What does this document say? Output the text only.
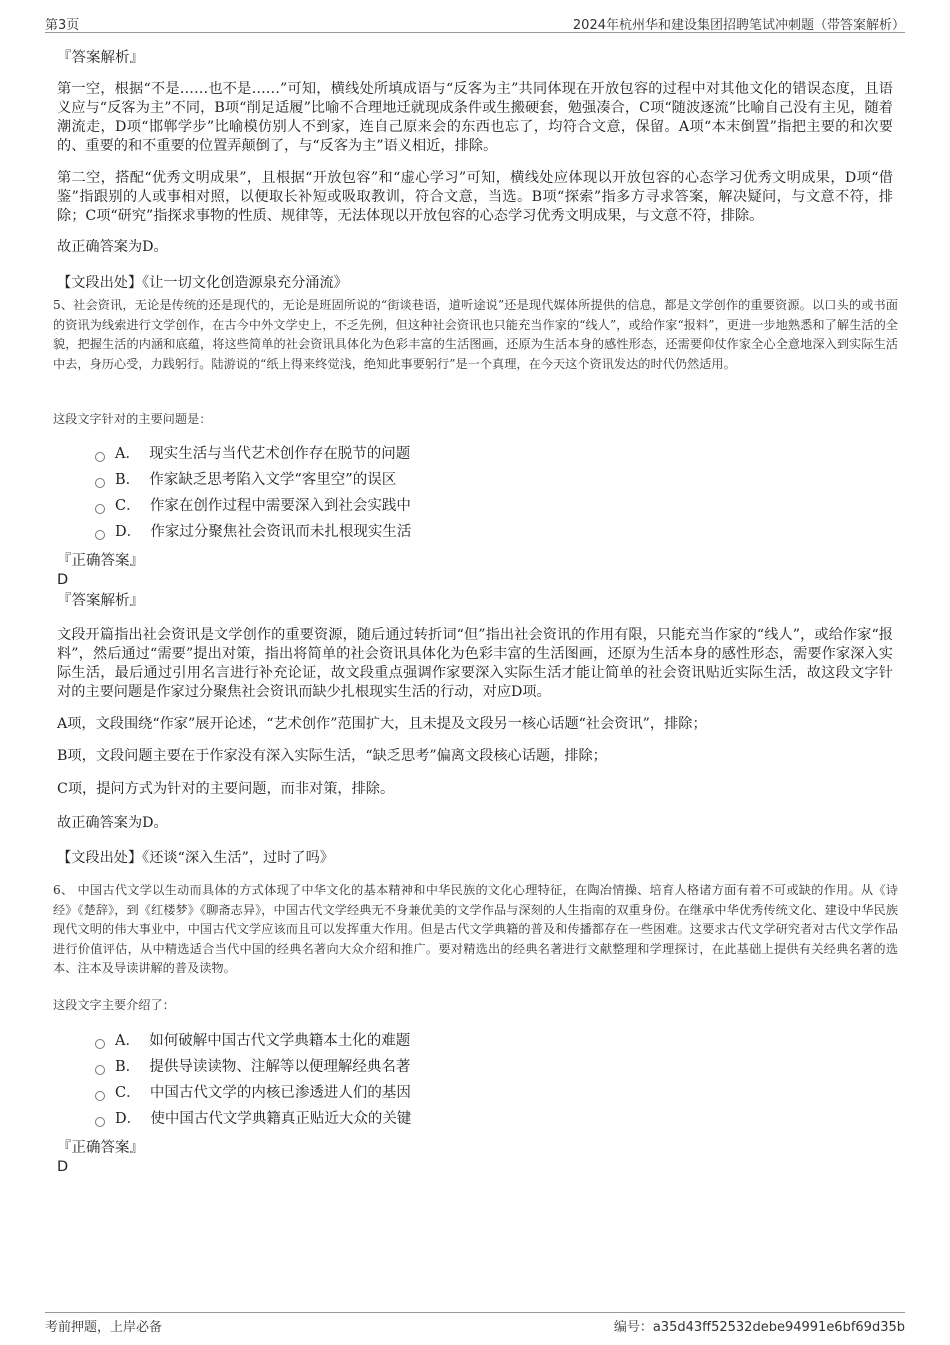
第3页	2024年杭州华和建设集团招聘笔试冲刺题（带答案解析）
『答案解析』
第一空，根据“不是……也不是……”可知，横线处所填成语与“反客为主”共同体现在开放包容的过程中对其他文化的错误态度，且语义应与“反客为主”不同，B项“削足适履”比喻不合理地迁就现成条件或生搬硬套，勉强凑合，C项“随波逐流”比喻自己没有主见，随着潮流走，D项“邯郸学步”比喻模仿别人不到家，连自己原来会的东西也忘了，均符合文意，保留。A项“本末倒置”指把主要的和次要的、重要的和不重要的位置弄颠倒了，与“反客为主”语义相近，排除。
第二空，搭配“优秀文明成果”，且根据“开放包容”和“虚心学习”可知，横线处应体现以开放包容的心态学习优秀文明成果，D项“借鉴”指跟别的人或事相对照，以便取长补短或吸取教训，符合文意，当选。B项“探索”指多方寻求答案，解决疑问，与文意不符，排除；C项“研究”指探求事物的性质、规律等，无法体现以开放包容的心态学习优秀文明成果，与文意不符，排除。
故正确答案为D。
【文段出处】《让一切文化创造源泉充分涌流》
5、社会资讯，无论是传统的还是现代的，无论是班固所说的“街谈巷语，道听途说”还是现代媒体所提供的信息，都是文学创作的重要资源。以口头的或书面的资讯为线索进行文学创作，在古今中外文学史上，不乏先例，但这种社会资讯也只能充当作家的“线人”，或给作家“报料”，更进一步地熟悉和了解生活的全貌，把握生活的内涵和底蕴，将这些简单的社会资讯具体化为色彩丰富的生活图画，还原为生活本身的感性形态，还需要仰仗作家全心全意地深入到实际生活中去，身历心受，力践躬行。陆游说的“纸上得来终觉浅，绝知此事要躬行”是一个真理，在今天这个资讯发达的时代仍然适用。
这段文字针对的主要问题是：
A． 现实生活与当代艺术创作存在脱节的问题
B． 作家缺乏思考陷入文学“客里空”的误区
C． 作家在创作过程中需要深入到社会实践中
D． 作家过分聚焦社会资讯而未扎根现实生活
『正确答案』
D
『答案解析』
文段开篇指出社会资讯是文学创作的重要资源，随后通过转折词“但”指出社会资讯的作用有限，只能充当作家的“线人”，或给作家“报料”，然后通过“需要”提出对策，指出将简单的社会资讯具体化为色彩丰富的生活图画，还原为生活本身的感性形态，需要作家深入实际生活，最后通过引用名言进行补充论证，故文段重点强调作家要深入实际生活才能让简单的社会资讯贴近实际生活，故这段文字针对的主要问题是作家过分聚焦社会资讯而缺少扎根现实生活的行动，对应D项。
A项，文段围绕“作家”展开论述，“艺术创作”范围扩大，且未提及文段另一核心话题“社会资讯”，排除；
B项，文段问题主要在于作家没有深入实际生活，“缺乏思考”偏离文段核心话题，排除；
C项，提问方式为针对的主要问题，而非对策，排除。
故正确答案为D。
【文段出处】《还谈“深入生活”，过时了吗》
6、 中国古代文学以生动而具体的方式体现了中华文化的基本精神和中华民族的文化心理特征，在陶冶情操、培育人格诸方面有着不可或缺的作用。从《诗经》《楚辞》，到《红楼梦》《聊斋志异》，中国古代文学经典无不身兼优美的文学作品与深刻的人生指南的双重身份。在继承中华优秀传统文化、建设中华民族现代文明的伟大事业中，中国古代文学应该而且可以发挥重大作用。但是古代文学典籍的普及和传播都存在一些困难。这要求古代文学研究者对古代文学作品进行价值评估，从中精选适合当代中国的经典名著向大众介绍和推广。要对精选出的经典名著进行文献整理和学理探讨，在此基础上提供有关经典名著的选本、注本及导读讲解的普及读物。
这段文字主要介绍了：
A． 如何破解中国古代文学典籍本土化的难题
B． 提供导读读物、注解等以便理解经典名著
C． 中国古代文学的内核已渗透进人们的基因
D． 使中国古代文学典籍真正贴近大众的关键
『正确答案』
D
考前押题，上岸必备	编号：a35d43ff52532debe94991e6bf69d35b
